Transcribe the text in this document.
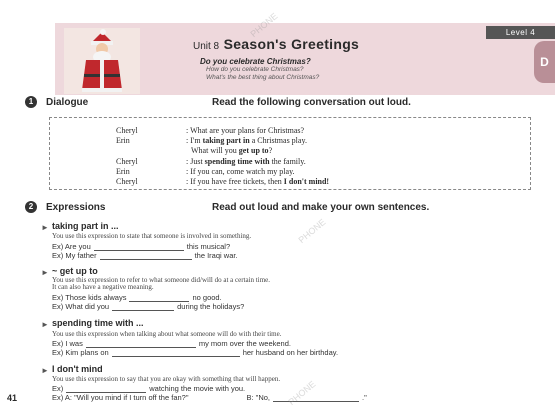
Level 4
D
Unit 8 Season's Greetings
Do you celebrate Christmas?
How do you celebrate Christmas?
What's the best thing about Christmas?
1	Dialogue	Read the following conversation out loud.
Cheryl	: What are your plans for Christmas?
Erin	: I'm taking part in a Christmas play.
What will you get up to?
Cheryl	: Just spending time with the family.
Erin	: If you can, come watch my play.
Cheryl	: If you have free tickets, then I don't mind!
2	Expressions	Read out loud and make your own sentences.
► taking part in ...
You use this expression to state that someone is involved in something.
Ex) Are you	this musical?
Ex) My father	the Iraqi war.
► ~ get up to
You use this expression to refer to what someone did/will do at a certain time.
It can also have a negative meaning.
Ex) Those kids always	no good.
Ex) What did you	during the holidays?
► spending time with ...
You use this expression when talking about what someone will do with their time.
Ex) I was	my mom over the weekend.
Ex) Kim plans on	her husband on her birthday.
► I don't mind
You use this expression to say that you are okay with something that will happen.
Ex)	watching the movie with you.
Ex) A: "Will you mind if I turn off the fan?"	B: "No,	."
41
PHONE
PHONE
PHONE
